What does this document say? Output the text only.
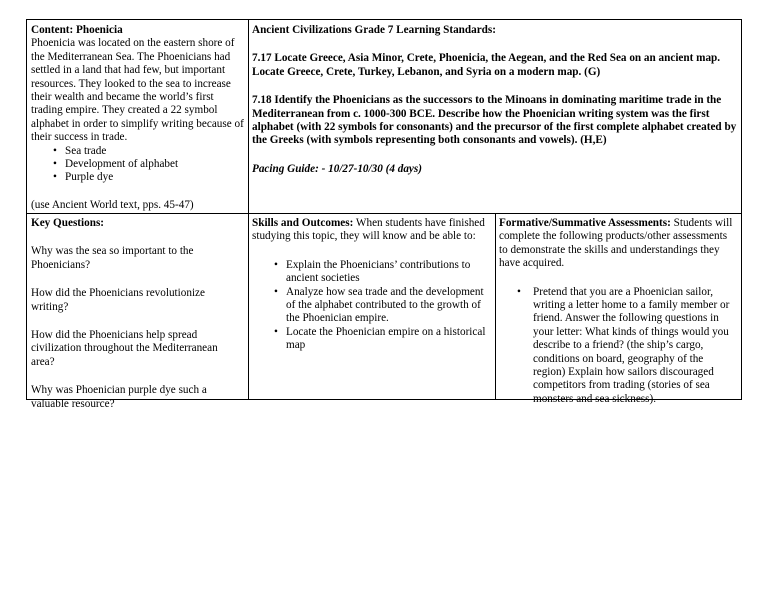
Content: Phoenicia

Phoenicia was located on the eastern shore of the Mediterranean Sea. The Phoenicians had settled in a land that had few, but important resources. They looked to the sea to increase their wealth and became the world’s first trading empire. They created a 22 symbol alphabet in order to simplify writing because of their success in trade.

• Sea trade
• Development of alphabet
• Purple dye

(use Ancient World text, pps. 45-47)

Ancient Civilizations Grade 7 Learning Standards:

7.17 Locate Greece, Asia Minor, Crete, Phoenicia, the Aegean, and the Red Sea on an ancient map. Locate Greece, Crete, Turkey, Lebanon, and Syria on a modern map. (G)

7.18 Identify the Phoenicians as the successors to the Minoans in dominating maritime trade in the Mediterranean from c. 1000-300 BCE. Describe how the Phoenician writing system was the first alphabet (with 22 symbols for consonants) and the precursor of the first complete alphabet created by the Greeks (with symbols representing both consonants and vowels). (H,E)

Pacing Guide: - 10/27-10/30 (4 days)

Key Questions:

Why was the sea so important to the Phoenicians?

How did the Phoenicians revolutionize writing?

How did the Phoenicians help spread civilization throughout the Mediterranean area?

Why was Phoenician purple dye such a valuable resource?

Skills and Outcomes: When students have finished studying this topic, they will know and be able to:

• Explain the Phoenicians’ contributions to ancient societies
• Analyze how sea trade and the development of the alphabet contributed to the growth of the Phoenician empire.
• Locate the Phoenician empire on a historical map

Formative/Summative Assessments: Students will complete the following products/other assessments to demonstrate the skills and understandings they have acquired.

• Pretend that you are a Phoenician sailor, writing a letter home to a family member or friend. Answer the following questions in your letter: What kinds of things would you describe to a friend? (the ship’s cargo, conditions on board, geography of the region) Explain how sailors discouraged competitors from trading (stories of sea monsters and sea sickness).
